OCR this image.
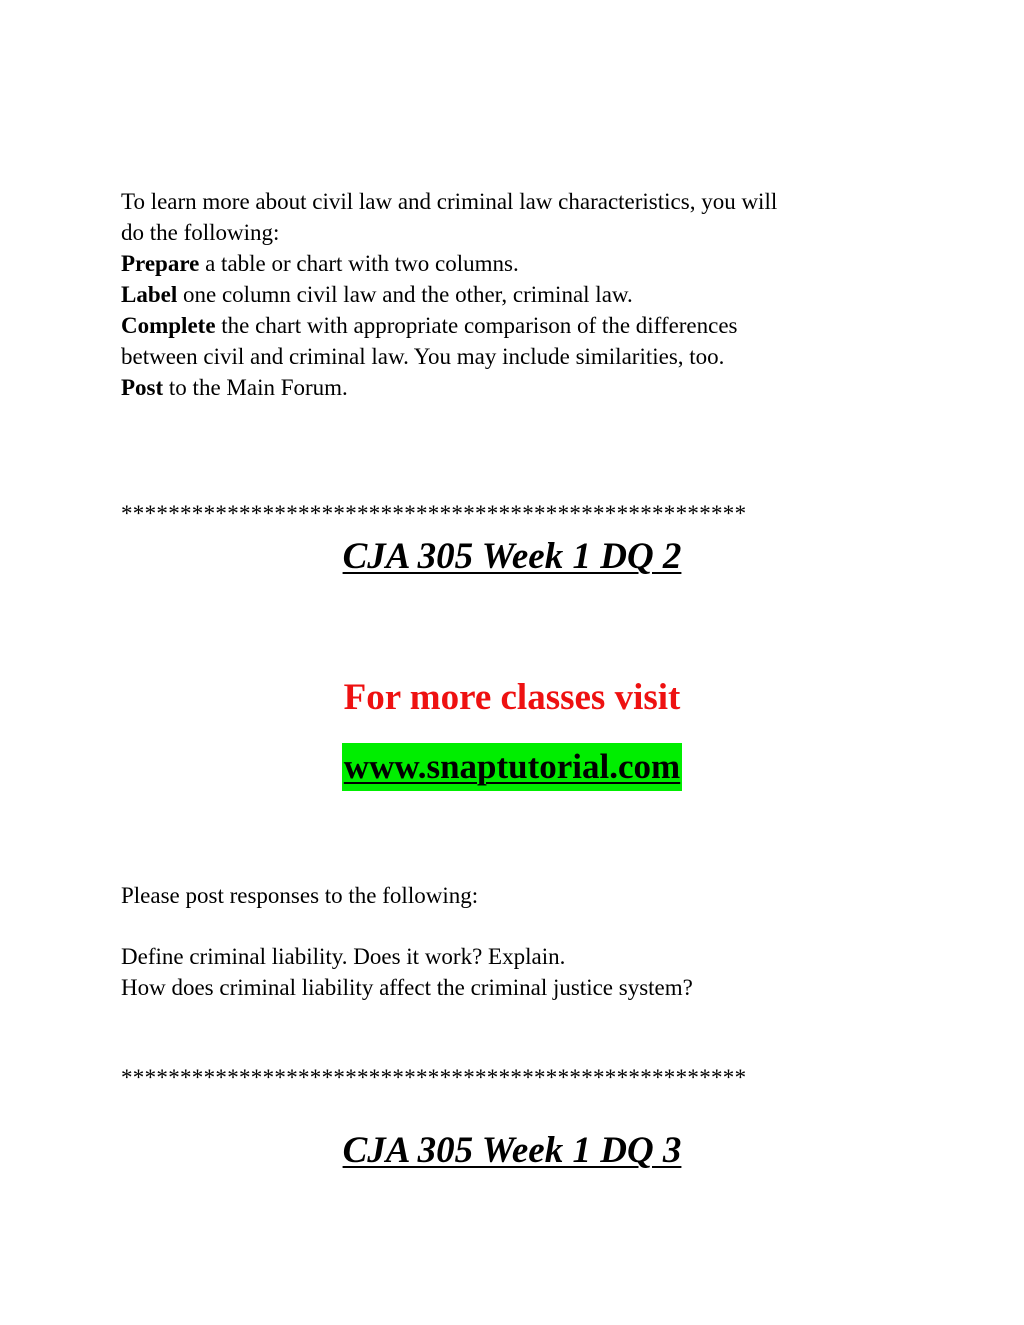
To learn more about civil law and criminal law characteristics, you will
do the following:
Prepare a table or chart with two columns.
Label one column civil law and the other, criminal law.
Complete the chart with appropriate comparison of the differences
between civil and criminal law. You may include similarities, too.
Post to the Main Forum.
*****************************************************
CJA 305 Week 1 DQ 2
For more classes visit
www.snaptutorial.com
Please post responses to the following:
Define criminal liability. Does it work? Explain.
How does criminal liability affect the criminal justice system?
*****************************************************
CJA 305 Week 1 DQ 3
